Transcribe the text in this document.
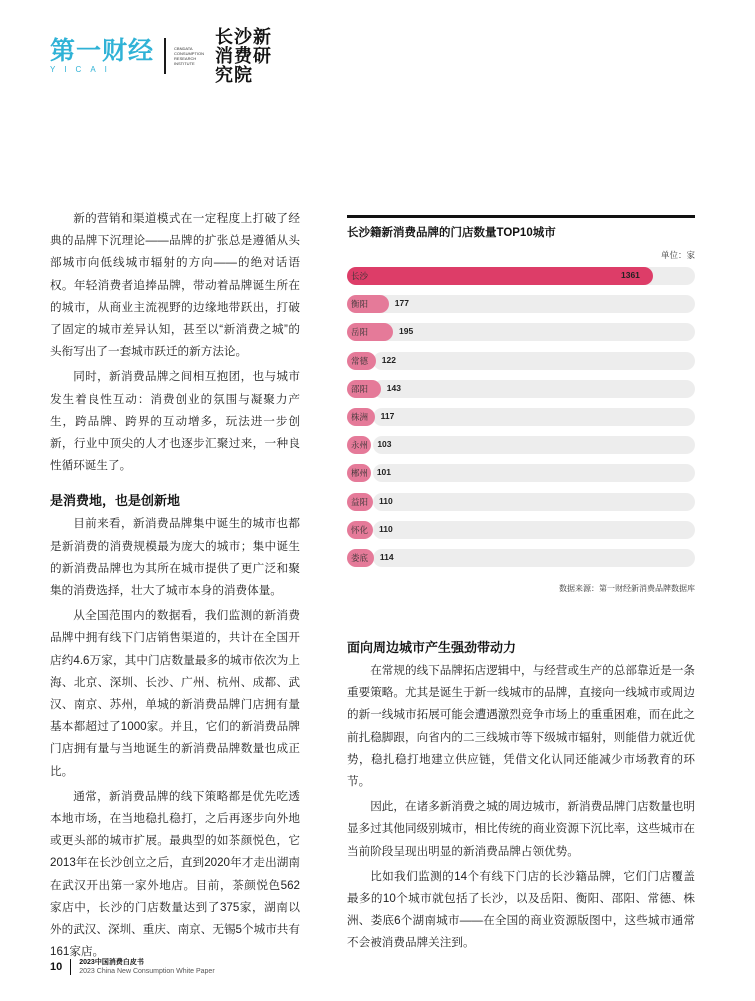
第一财经
YICAI
CBNDATA CONSUMPTION RESEARCH INSTITUTE
长沙新消费研究院

新的营销和渠道模式在一定程度上打破了经典的品牌下沉理论——品牌的扩张总是遵循从头部城市向低线城市辐射的方向——的绝对话语权。年轻消费者追捧品牌，带动着品牌诞生所在的城市，从商业主流视野的边缘地带跃出，打破了固定的城市差异认知，甚至以“新消费之城”的头衔写出了一套城市跃迁的新方法论。

同时，新消费品牌之间相互抱团，也与城市发生着良性互动：消费创业的氛围与凝聚力产生，跨品牌、跨界的互动增多，玩法进一步创新，行业中顶尖的人才也逐步汇聚过来，一种良性循环诞生了。

是消费地，也是创新地

目前来看，新消费品牌集中诞生的城市也都是新消费的消费规模最为庞大的城市；集中诞生的新消费品牌也为其所在城市提供了更广泛和聚集的消费选择，壮大了城市本身的消费体量。

从全国范围内的数据看，我们监测的新消费品牌中拥有线下门店销售渠道的，共计在全国开店约4.6万家，其中门店数量最多的城市依次为上海、北京、深圳、长沙、广州、杭州、成都、武汉、南京、苏州，单城的新消费品牌门店拥有量基本都超过了1000家。并且，它们的新消费品牌门店拥有量与当地诞生的新消费品牌数量也成正比。

通常，新消费品牌的线下策略都是优先吃透本地市场，在当地稳扎稳打，之后再逐步向外地或更头部的城市扩展。最典型的如茶颜悦色，它2013年在长沙创立之后，直到2020年才走出湖南在武汉开出第一家外地店。目前，茶颜悦色562家店中，长沙的门店数量达到了375家，湖南以外的武汉、深圳、重庆、南京、无锡5个城市共有161家店。

长沙籍新消费品牌的门店数量TOP10城市
单位：家
长沙	1361
衡阳	177
岳阳	195
常德 122
邵阳 143
株洲 117
永州 103
郴州 101
益阳 110
怀化 110
娄底 114
数据来源：第一财经新消费品牌数据库
面向周边城市产生强劲带动力

在常规的线下品牌拓店逻辑中，与经营或生产的总部靠近是一条重要策略。尤其是诞生于新一线城市的品牌，直接向一线城市或周边的新一线城市拓展可能会遭遇激烈竞争市场上的重重困难，而在此之前扎稳脚跟，向省内的二三线城市等下级城市辐射，则能借力就近优势，稳扎稳打地建立供应链，凭借文化认同还能减少市场教育的环节。

因此，在诸多新消费之城的周边城市，新消费品牌门店数量也明显多过其他同级别城市，相比传统的商业资源下沉比率，这些城市在当前阶段呈现出明显的新消费品牌占领优势。

比如我们监测的14个有线下门店的长沙籍品牌，它们门店覆盖最多的10个城市就包括了长沙，以及岳阳、衡阳、邵阳、常德、株洲、娄底6个湖南城市——在全国的商业资源版图中，这些城市通常不会被消费品牌关注到。

10 2023中国消费白皮书
2023 China New Consumption White Paper
